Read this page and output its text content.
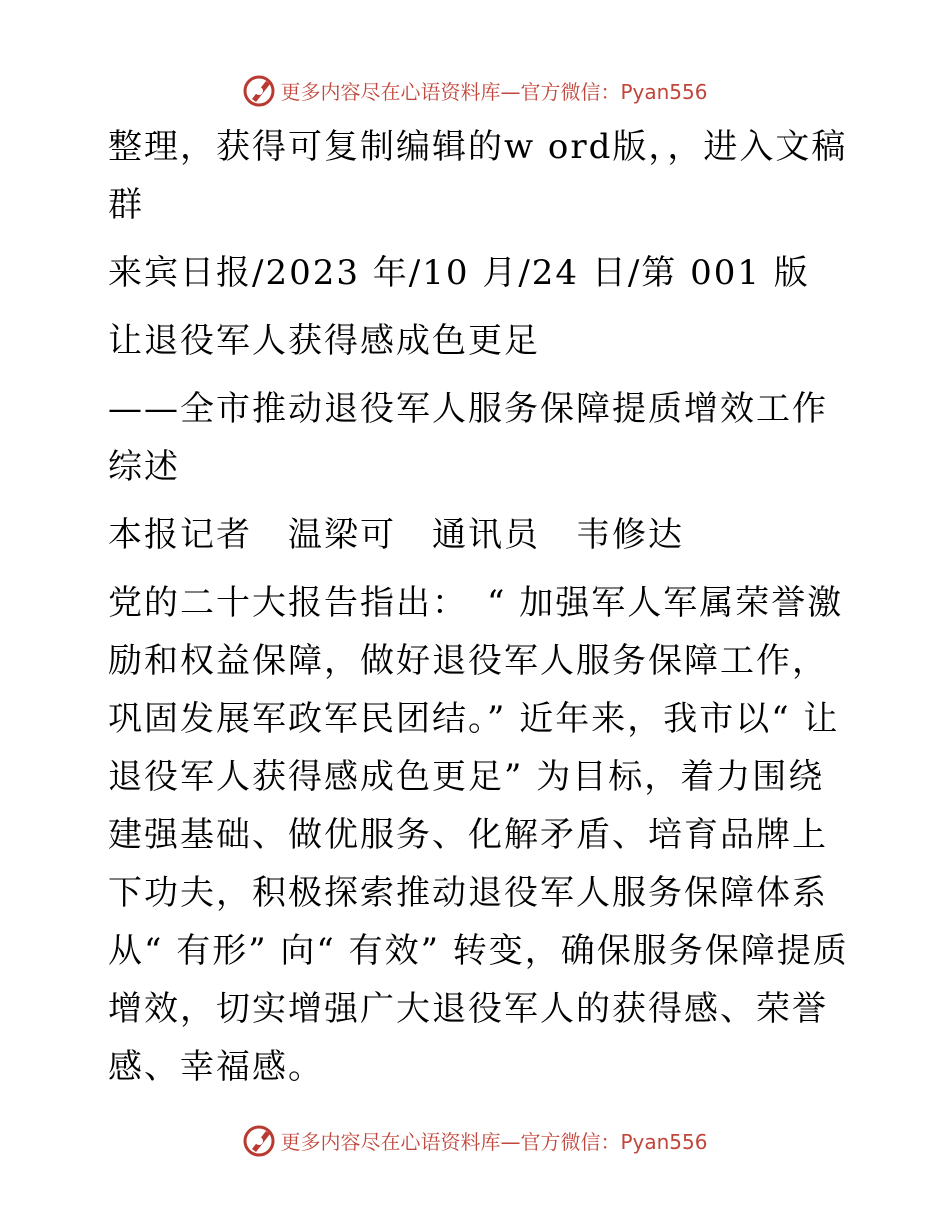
更多内容尽在心语资料库—官方微信：Pyan556

整理，获得可复制编辑的w ord版，，进入文稿群

来宾日报/2023 年/10 月/24 日/第 001 版

让退役军人获得感成色更足

——全市推动退役军人服务保障提质增效工作综述

本报记者　温梁可　通讯员　韦修达

党的二十大报告指出：　“ 加强军人军属荣誉激励和权益保障，做好退役军人服务保障工作，巩固发展军政军民团结。” 近年来，我市以“ 让退役军人获得感成色更足” 为目标，着力围绕建强基础、做优服务、化解矛盾、培育品牌上下功夫，积极探索推动退役军人服务保障体系从“ 有形” 向“ 有效” 转变，确保服务保障提质增效，切实增强广大退役军人的获得感、荣誉感、幸福感。

更多内容尽在心语资料库—官方微信：Pyan556
